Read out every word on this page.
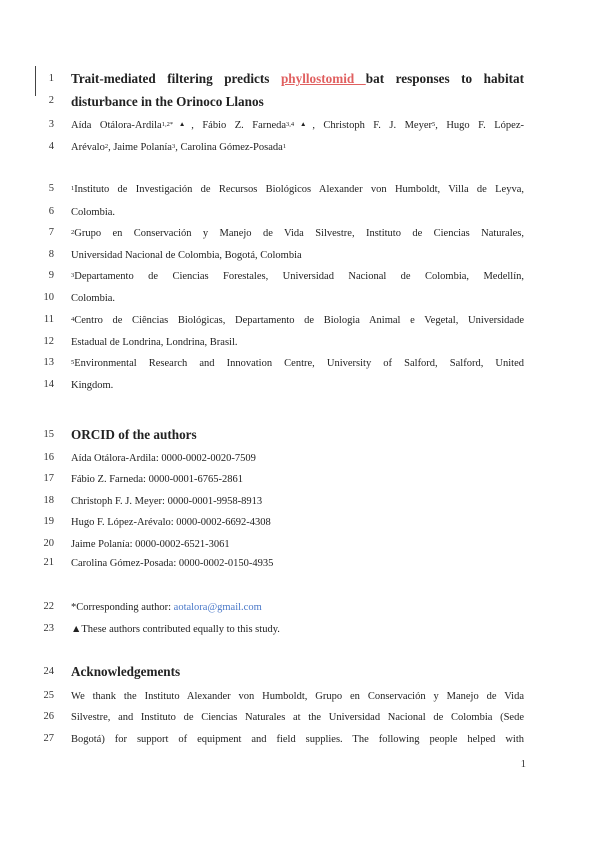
1
2
3
4
5
6
7
8
9
10
11
12
13
14
15
16
17
18
19
20
21
22
23
24
25
26
27
Trait-mediated filtering predicts phyllostomid bat responses to habitat
disturbance in the Orinoco Llanos
Aída Otálora-Ardila$^{1,2*▲}$, Fábio Z. Farneda$^{3,4▲}$, Christoph F. J. Meyer$^5$, Hugo F. López-
Arévalo$^2$, Jaime Polanía$^3$, Carolina Gómez-Posada$^1$
$^1$Instituto de Investigación de Recursos Biológicos Alexander von Humboldt, Villa de Leyva,
Colombia.
$^2$Grupo en Conservación y Manejo de Vida Silvestre, Instituto de Ciencias Naturales,
Universidad Nacional de Colombia, Bogotá, Colombia
$^3$Departamento de Ciencias Forestales, Universidad Nacional de Colombia, Medellín,
Colombia.
$^4$Centro de Ciências Biológicas, Departamento de Biologia Animal e Vegetal, Universidade
Estadual de Londrina, Londrina, Brasil.
$^5$Environmental Research and Innovation Centre, University of Salford, Salford, United
Kingdom.
ORCID of the authors
Aída Otálora-Ardila: 0000-0002-0020-7509
Fábio Z. Farneda: 0000-0001-6765-2861
Christoph F. J. Meyer: 0000-0001-9958-8913
Hugo F. López-Arévalo: 0000-0002-6692-4308
Jaime Polanía: 0000-0002-6521-3061
Carolina Gómez-Posada: 0000-0002-0150-4935
*Corresponding author: aotalora@gmail.com
▲These authors contributed equally to this study.
Acknowledgements
We thank the Instituto Alexander von Humboldt, Grupo en Conservación y Manejo de Vida
Silvestre, and Instituto de Ciencias Naturales at the Universidad Nacional de Colombia (Sede
Bogotá) for support of equipment and field supplies. The following people helped with
1
